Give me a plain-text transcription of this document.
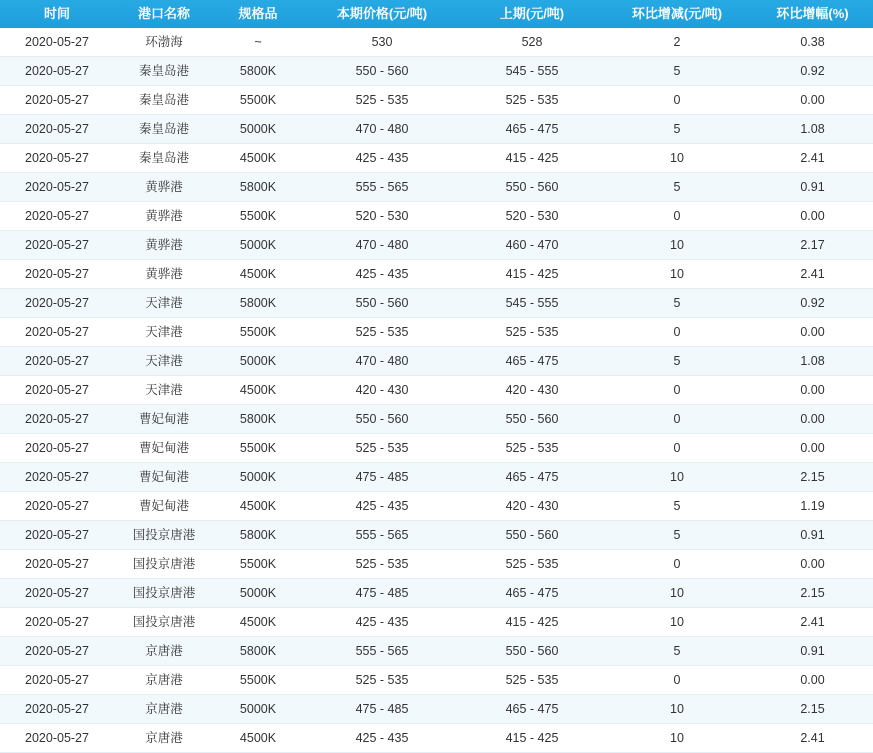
时间	港口名称	规格品	本期价格(元/吨)	上期(元/吨)	环比增减(元/吨)	环比增幅(%)
2020-05-27	环渤海	~	530	528	2	0.38
2020-05-27	秦皇岛港	5800K	550 - 560	545 - 555	5	0.92
2020-05-27	秦皇岛港	5500K	525 - 535	525 - 535	0	0.00
2020-05-27	秦皇岛港	5000K	470 - 480	465 - 475	5	1.08
2020-05-27	秦皇岛港	4500K	425 - 435	415 - 425	10	2.41
2020-05-27	黄骅港	5800K	555 - 565	550 - 560	5	0.91
2020-05-27	黄骅港	5500K	520 - 530	520 - 530	0	0.00
2020-05-27	黄骅港	5000K	470 - 480	460 - 470	10	2.17
2020-05-27	黄骅港	4500K	425 - 435	415 - 425	10	2.41
2020-05-27	天津港	5800K	550 - 560	545 - 555	5	0.92
2020-05-27	天津港	5500K	525 - 535	525 - 535	0	0.00
2020-05-27	天津港	5000K	470 - 480	465 - 475	5	1.08
2020-05-27	天津港	4500K	420 - 430	420 - 430	0	0.00
2020-05-27	曹妃甸港	5800K	550 - 560	550 - 560	0	0.00
2020-05-27	曹妃甸港	5500K	525 - 535	525 - 535	0	0.00
2020-05-27	曹妃甸港	5000K	475 - 485	465 - 475	10	2.15
2020-05-27	曹妃甸港	4500K	425 - 435	420 - 430	5	1.19
2020-05-27	国投京唐港	5800K	555 - 565	550 - 560	5	0.91
2020-05-27	国投京唐港	5500K	525 - 535	525 - 535	0	0.00
2020-05-27	国投京唐港	5000K	475 - 485	465 - 475	10	2.15
2020-05-27	国投京唐港	4500K	425 - 435	415 - 425	10	2.41
2020-05-27	京唐港	5800K	555 - 565	550 - 560	5	0.91
2020-05-27	京唐港	5500K	525 - 535	525 - 535	0	0.00
2020-05-27	京唐港	5000K	475 - 485	465 - 475	10	2.15
2020-05-27	京唐港	4500K	425 - 435	415 - 425	10	2.41
